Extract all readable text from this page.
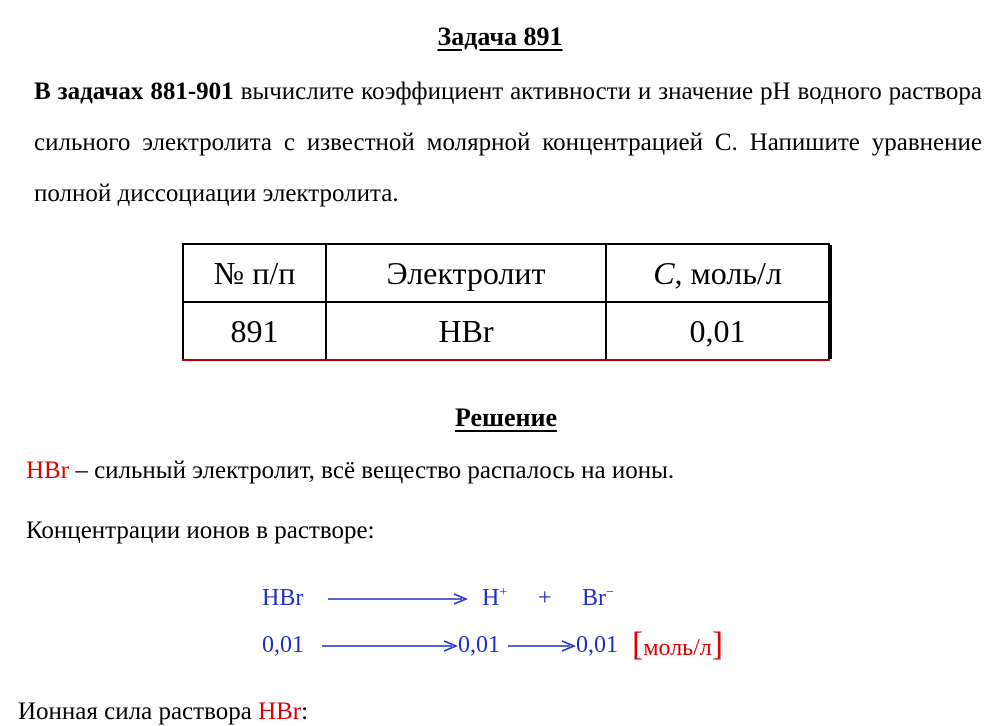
Задача 891
В задачах 881-901 вычислите коэффициент активности и значение рН водного раствора сильного электролита с известной молярной концентрацией С. Напишите уравнение полной диссоциации электролита.
№ п/п	Электролит	С, моль/л
891	HBr	0,01
Решение
HBr – сильный электролит, всё вещество распалось на ионы.
Концентрации ионов в растворе:
HBr	H+ + Br−
0,01	0,01	0,01 [моль/л]
Ионная сила раствора HBr:
